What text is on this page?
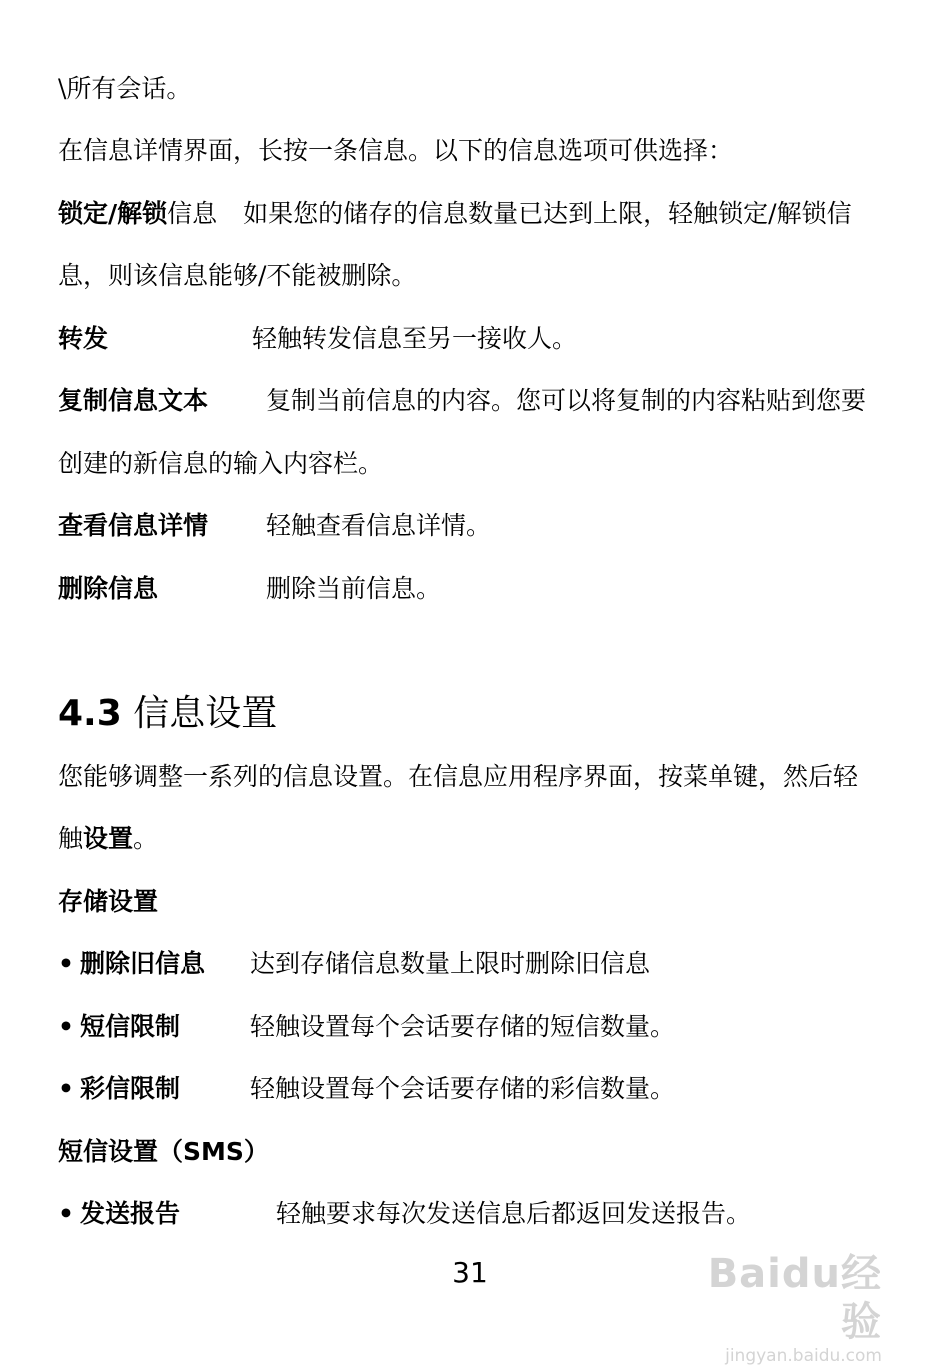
\所有会话。
在信息详情界面，长按一条信息。以下的信息选项可供选择：
锁定/解锁信息 如果您的储存的信息数量已达到上限，轻触锁定/解锁信
息，则该信息能够/不能被删除。
转发	轻触转发信息至另一接收人。
复制信息文本 复制当前信息的内容。您可以将复制的内容粘贴到您要
创建的新信息的输入内容栏。
查看信息详情 轻触查看信息详情。
删除信息	删除当前信息。
4.3 信息设置
您能够调整一系列的信息设置。在信息应用程序界面，按菜单键，然后轻
触设置。
存储设置
• 删除旧信息 达到存储信息数量上限时删除旧信息
• 短信限制	轻触设置每个会话要存储的短信数量。
• 彩信限制	轻触设置每个会话要存储的彩信数量。
短信设置（SMS）
• 发送报告	轻触要求每次发送信息后都返回发送报告。
31	Baidu经验
jingyan.baidu.com
